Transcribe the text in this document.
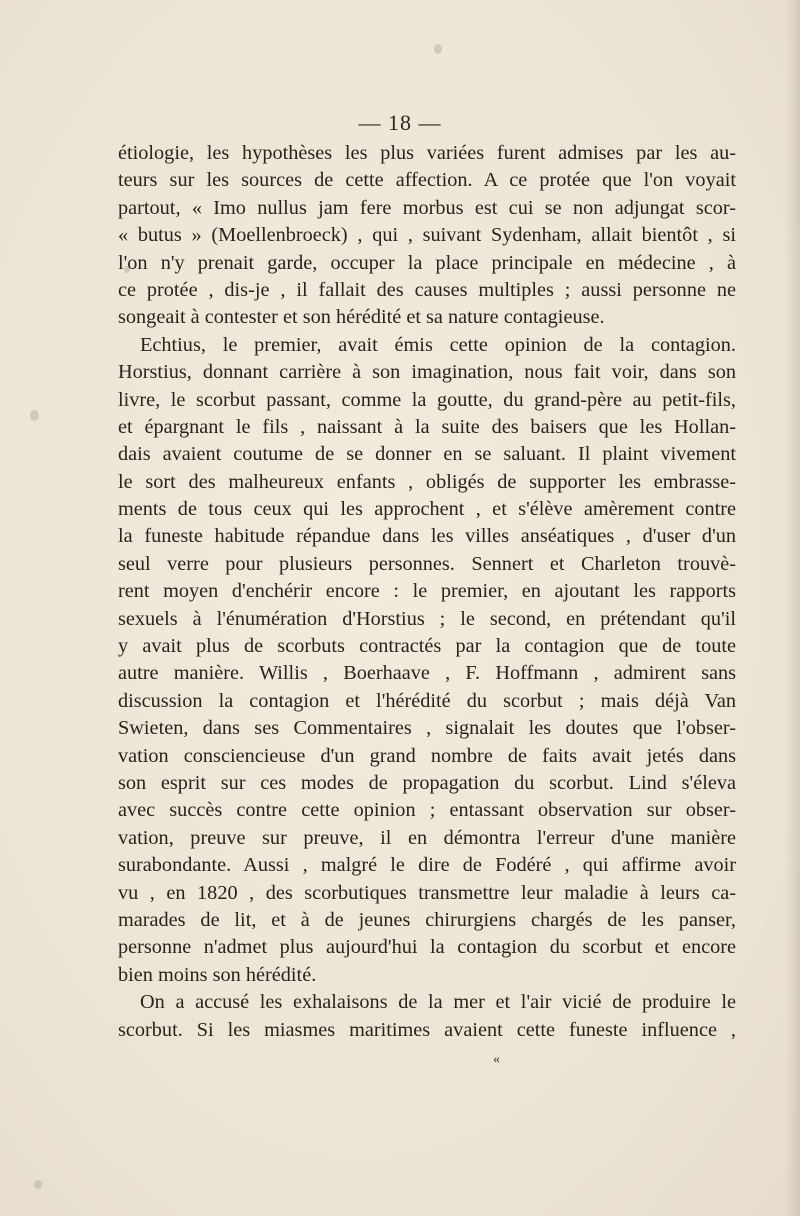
— 18 —
étiologie, les hypothèses les plus variées furent admises par les au-
teurs sur les sources de cette affection. A ce protée que l'on voyait
partout, « Imo nullus jam fere morbus est cui se non adjungat scor-
« butus » (Moellenbroeck) , qui , suivant Sydenham, allait bientôt , si
l'on n'y prenait garde, occuper la place principale en médecine , à
ce protée , dis-je , il fallait des causes multiples ; aussi personne ne
songeait à contester et son hérédité et sa nature contagieuse.
Echtius, le premier, avait émis cette opinion de la contagion.
Horstius, donnant carrière à son imagination, nous fait voir, dans son
livre, le scorbut passant, comme la goutte, du grand-père au petit-fils,
et épargnant le fils , naissant à la suite des baisers que les Hollan-
dais avaient coutume de se donner en se saluant. Il plaint vivement
le sort des malheureux enfants , obligés de supporter les embrasse-
ments de tous ceux qui les approchent , et s'élève amèrement contre
la funeste habitude répandue dans les villes anséatiques , d'user d'un
seul verre pour plusieurs personnes. Sennert et Charleton trouvè-
rent moyen d'enchérir encore : le premier, en ajoutant les rapports
sexuels à l'énumération d'Horstius ; le second, en prétendant qu'il
y avait plus de scorbuts contractés par la contagion que de toute
autre manière. Willis , Boerhaave , F. Hoffmann , admirent sans
discussion la contagion et l'hérédité du scorbut ; mais déjà Van
Swieten, dans ses Commentaires , signalait les doutes que l'obser-
vation consciencieuse d'un grand nombre de faits avait jetés dans
son esprit sur ces modes de propagation du scorbut. Lind s'éleva
avec succès contre cette opinion ; entassant observation sur obser-
vation, preuve sur preuve, il en démontra l'erreur d'une manière
surabondante. Aussi , malgré le dire de Fodéré , qui affirme avoir
vu , en 1820 , des scorbutiques transmettre leur maladie à leurs ca-
marades de lit, et à de jeunes chirurgiens chargés de les panser,
personne n'admet plus aujourd'hui la contagion du scorbut et encore
bien moins son hérédité.
On a accusé les exhalaisons de la mer et l'air vicié de produire le
scorbut. Si les miasmes maritimes avaient cette funeste influence ,
«
